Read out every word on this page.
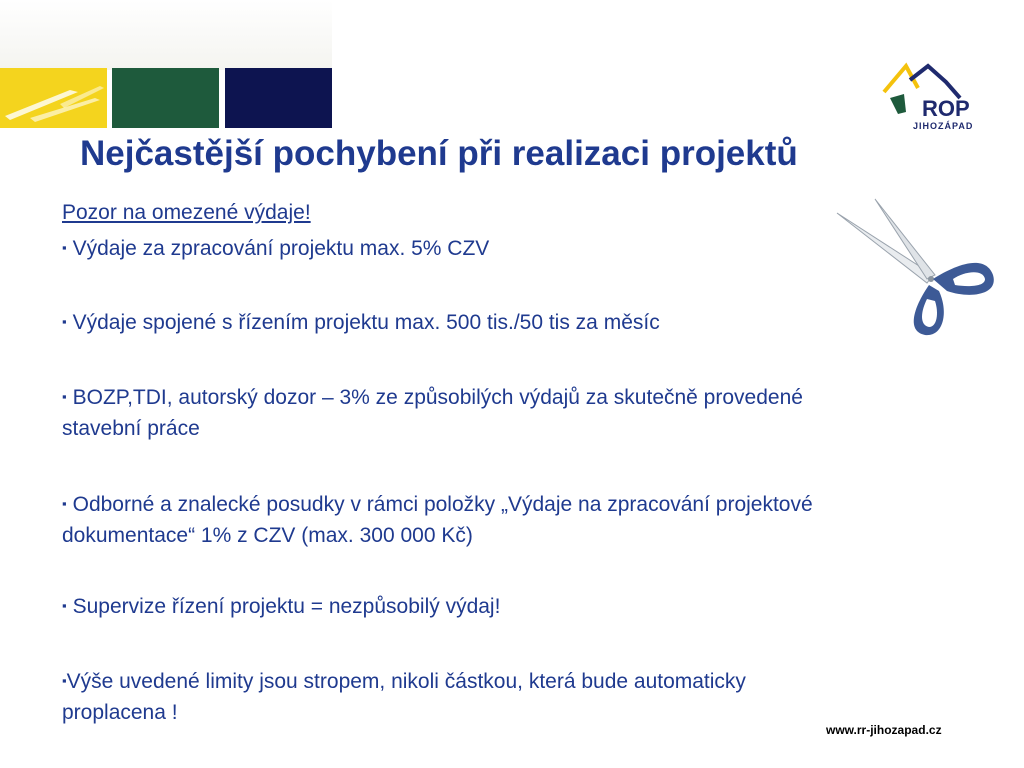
ROP
JIHOZÁPAD
Nejčastější pochybení při realizaci projektů
Pozor na omezené výdaje!
▪ Výdaje za zpracování projektu max. 5% CZV
▪ Výdaje spojené s řízením projektu max. 500 tis./50 tis za měsíc
▪ BOZP,TDI, autorský dozor – 3% ze způsobilých výdajů za skutečně provedené stavební práce
▪ Odborné a znalecké posudky v rámci položky „Výdaje na zpracování projektové dokumentace“ 1% z CZV (max. 300 000 Kč)
▪ Supervize řízení projektu = nezpůsobilý výdaj!
▪Výše uvedené limity jsou stropem, nikoli částkou, která bude automaticky proplacena !
www.rr-jihozapad.cz
